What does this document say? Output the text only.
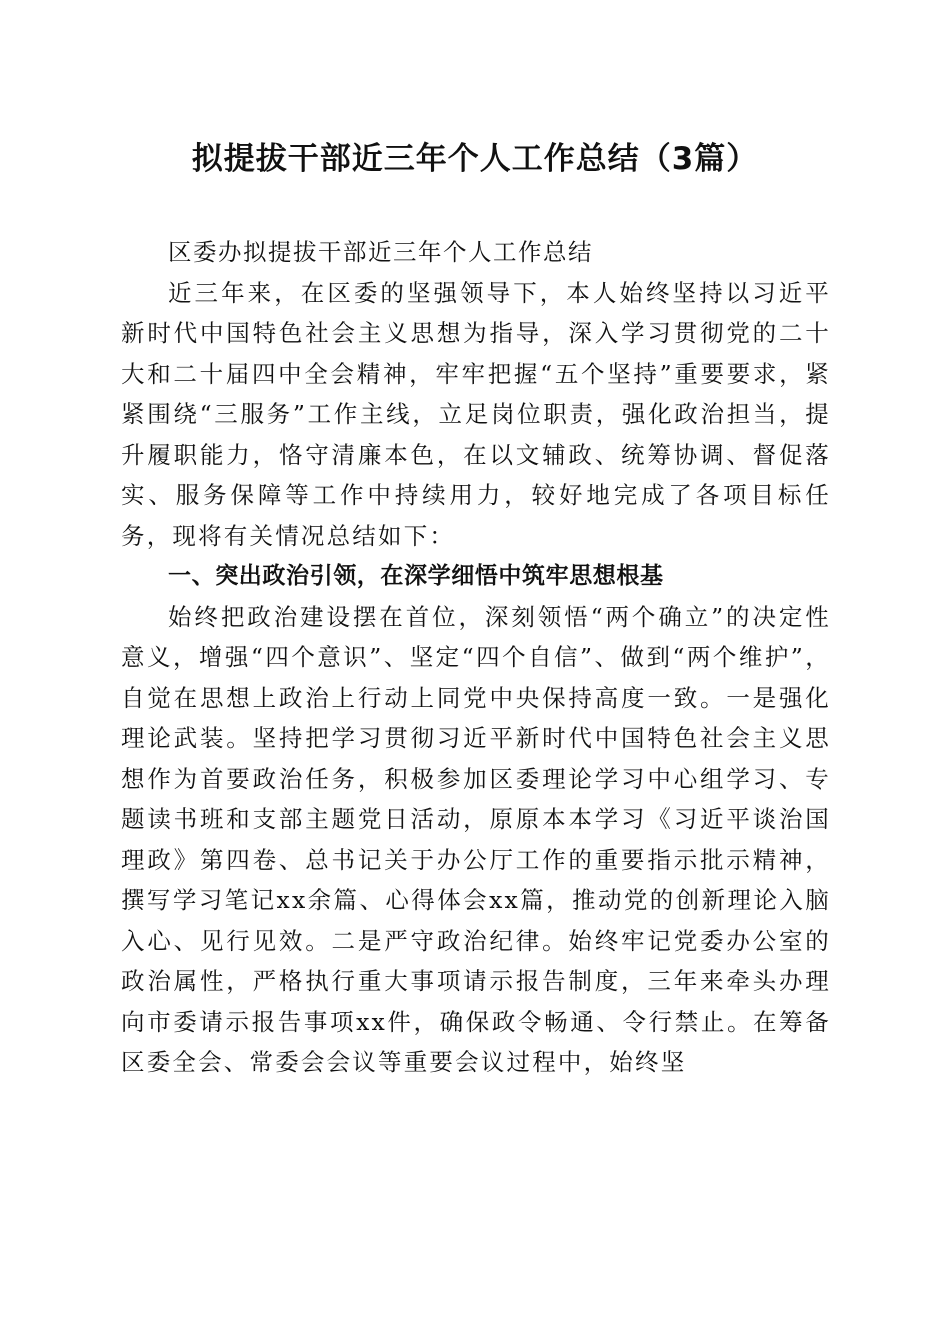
拟提拔干部近三年个人工作总结（3篇）

区委办拟提拔干部近三年个人工作总结

近三年来，在区委的坚强领导下，本人始终坚持以习近平新时代中国特色社会主义思想为指导，深入学习贯彻党的二十大和二十届四中全会精神，牢牢把握“五个坚持”重要要求，紧紧围绕“三服务”工作主线，立足岗位职责，强化政治担当，提升履职能力，恪守清廉本色，在以文辅政、统筹协调、督促落实、服务保障等工作中持续用力，较好地完成了各项目标任务，现将有关情况总结如下：

一、突出政治引领，在深学细悟中筑牢思想根基

始终把政治建设摆在首位，深刻领悟“两个确立”的决定性意义，增强“四个意识”、坚定“四个自信”、做到“两个维护”，自觉在思想上政治上行动上同党中央保持高度一致。一是强化理论武装。坚持把学习贯彻习近平新时代中国特色社会主义思想作为首要政治任务，积极参加区委理论学习中心组学习、专题读书班和支部主题党日活动，原原本本学习《习近平谈治国理政》第四卷、总书记关于办公厅工作的重要指示批示精神，撰写学习笔记xx余篇、心得体会xx篇，推动党的创新理论入脑入心、见行见效。二是严守政治纪律。始终牢记党委办公室的政治属性，严格执行重大事项请示报告制度，三年来牵头办理向市委请示报告事项xx件，确保政令畅通、令行禁止。在筹备区委全会、常委会会议等重要会议过程中，始终坚
